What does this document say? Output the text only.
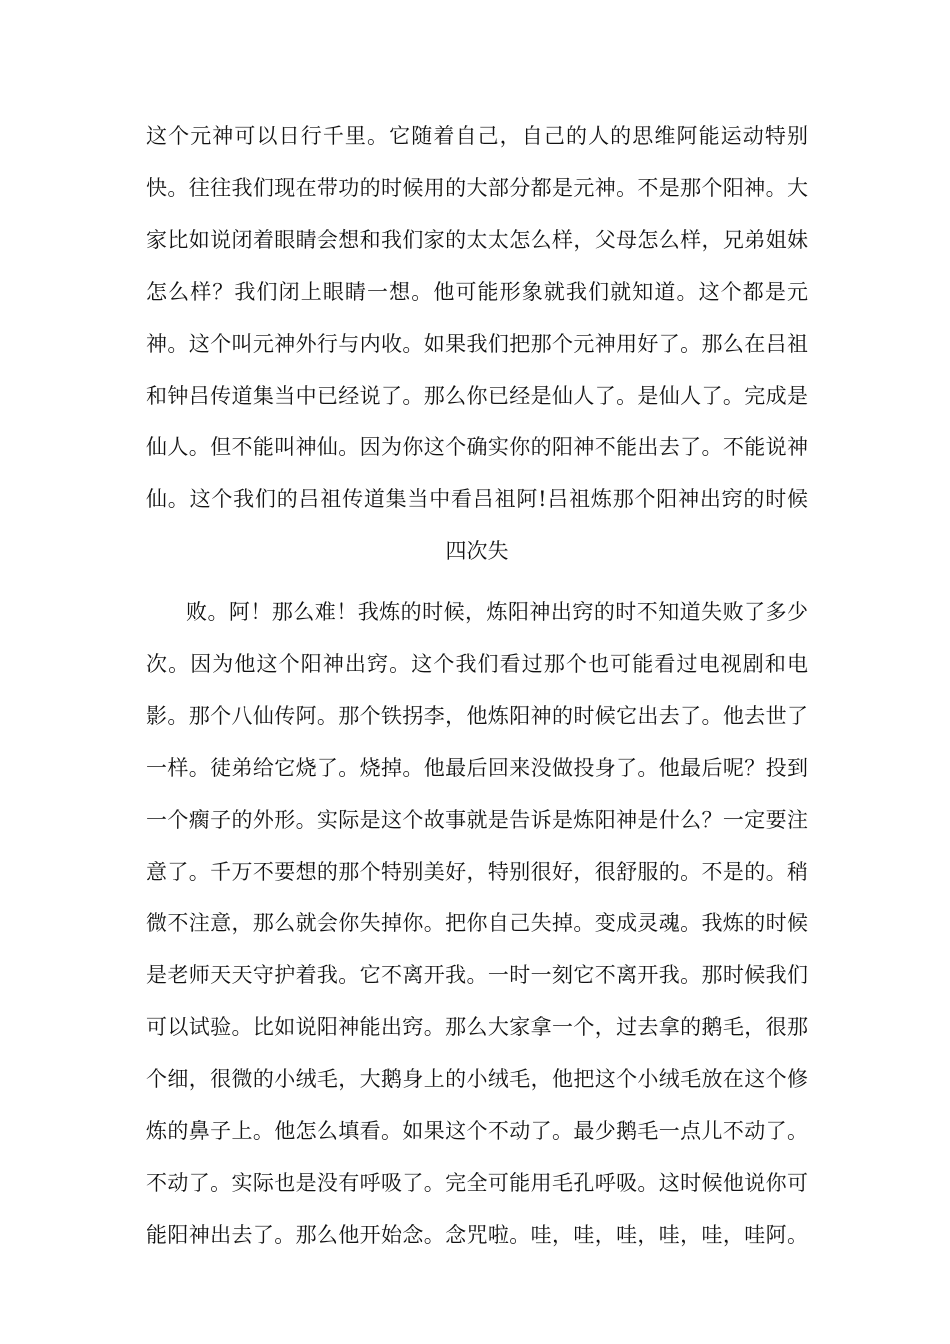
这个元神可以日行千里。它随着自己，自己的人的思维阿能运动特别
快。往往我们现在带功的时候用的大部分都是元神。不是那个阳神。大
家比如说闭着眼睛会想和我们家的太太怎么样，父母怎么样，兄弟姐妹
怎么样？我们闭上眼睛一想。他可能形象就我们就知道。这个都是元
神。这个叫元神外行与内收。如果我们把那个元神用好了。那么在吕祖
和钟吕传道集当中已经说了。那么你已经是仙人了。是仙人了。完成是
仙人。但不能叫神仙。因为你这个确实你的阳神不能出去了。不能说神
仙。这个我们的吕祖传道集当中看吕祖阿!吕祖炼那个阳神出窍的时候
四次失
败。阿！那么难！我炼的时候，炼阳神出窍的时不知道失败了多少
次。因为他这个阳神出窍。这个我们看过那个也可能看过电视剧和电
影。那个八仙传阿。那个铁拐李，他炼阳神的时候它出去了。他去世了
一样。徒弟给它烧了。烧掉。他最后回来没做投身了。他最后呢？投到
一个瘸子的外形。实际是这个故事就是告诉是炼阳神是什么？一定要注
意了。千万不要想的那个特别美好，特别很好，很舒服的。不是的。稍
微不注意，那么就会你失掉你。把你自己失掉。变成灵魂。我炼的时候
是老师天天守护着我。它不离开我。一时一刻它不离开我。那时候我们
可以试验。比如说阳神能出窍。那么大家拿一个，过去拿的鹅毛，很那
个细，很微的小绒毛，大鹅身上的小绒毛，他把这个小绒毛放在这个修
炼的鼻子上。他怎么填看。如果这个不动了。最少鹅毛一点儿不动了。
不动了。实际也是没有呼吸了。完全可能用毛孔呼吸。这时候他说你可
能阳神出去了。那么他开始念。念咒啦。哇，哇，哇，哇，哇，哇阿。
